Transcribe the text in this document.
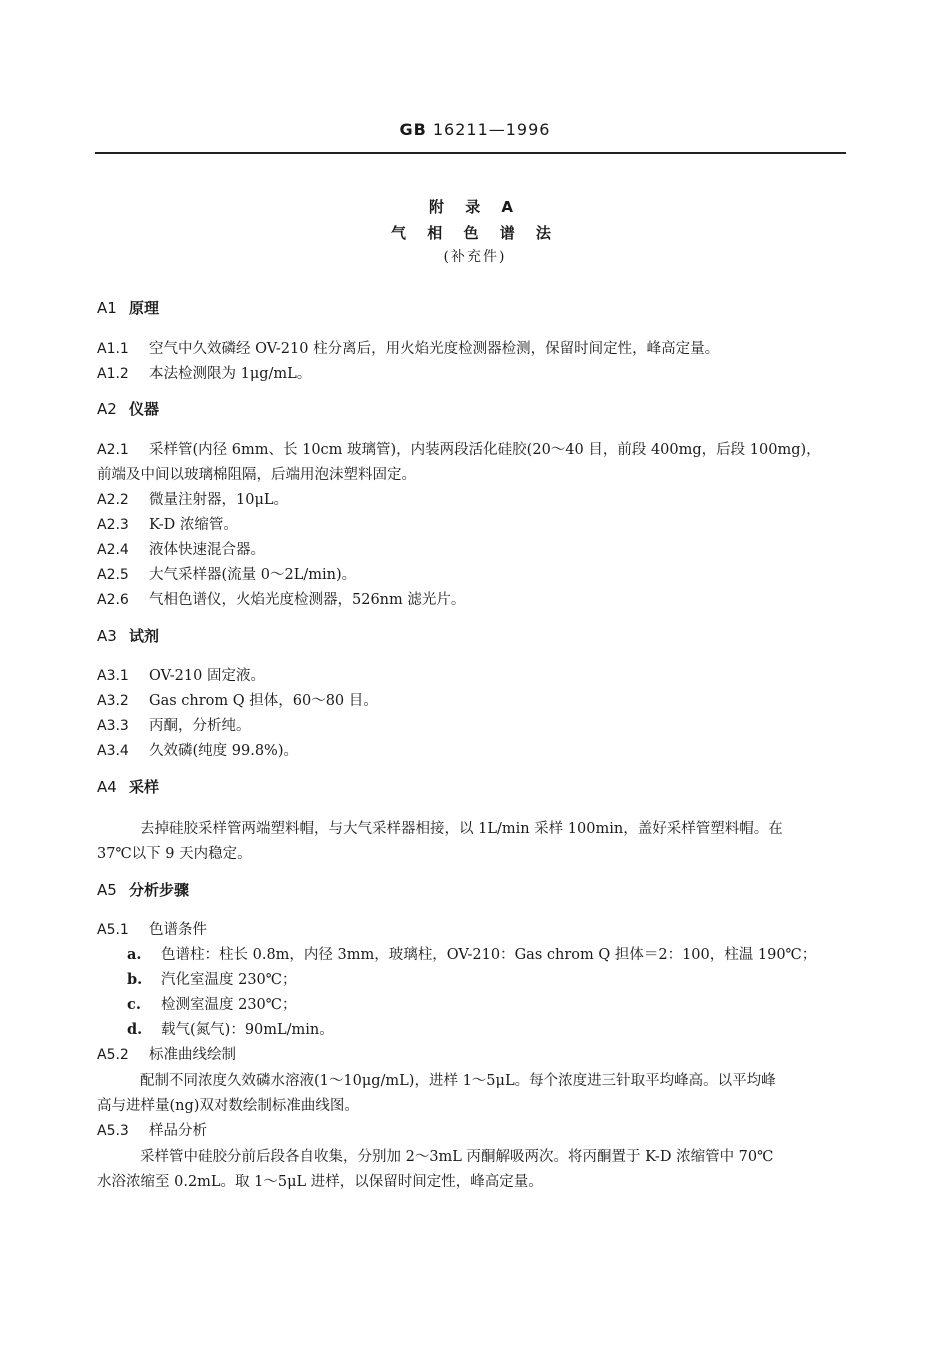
GB 16211—1996
附 录 A
气 相 色 谱 法
(补充件)
A1 原理
A1.1 空气中久效磷经 OV-210 柱分离后，用火焰光度检测器检测，保留时间定性，峰高定量。
A1.2 本法检测限为 1μg/mL。
A2 仪器
A2.1 采样管(内径 6mm、长 10cm 玻璃管)，内装两段活化硅胶(20～40 目，前段 400mg，后段 100mg)，
前端及中间以玻璃棉阻隔，后端用泡沫塑料固定。
A2.2 微量注射器，10μL。
A2.3 K-D 浓缩管。
A2.4 液体快速混合器。
A2.5 大气采样器(流量 0～2L/min)。
A2.6 气相色谱仪，火焰光度检测器，526nm 滤光片。
A3 试剂
A3.1 OV-210 固定液。
A3.2 Gas chrom Q 担体，60～80 目。
A3.3 丙酮，分析纯。
A3.4 久效磷(纯度 99.8%)。
A4 采样
去掉硅胶采样管两端塑料帽，与大气采样器相接，以 1L/min 采样 100min，盖好采样管塑料帽。在
37℃以下 9 天内稳定。
A5 分析步骤
A5.1 色谱条件
a. 色谱柱：柱长 0.8m，内径 3mm，玻璃柱，OV-210：Gas chrom Q 担体＝2：100，柱温 190℃；
b. 汽化室温度 230℃；
c. 检测室温度 230℃；
d. 载气(氮气)：90mL/min。
A5.2 标准曲线绘制
配制不同浓度久效磷水溶液(1～10μg/mL)，进样 1～5μL。每个浓度进三针取平均峰高。以平均峰
高与进样量(ng)双对数绘制标准曲线图。
A5.3 样品分析
采样管中硅胶分前后段各自收集，分别加 2～3mL 丙酮解吸两次。将丙酮置于 K-D 浓缩管中 70℃
水浴浓缩至 0.2mL。取 1～5μL 进样，以保留时间定性，峰高定量。
